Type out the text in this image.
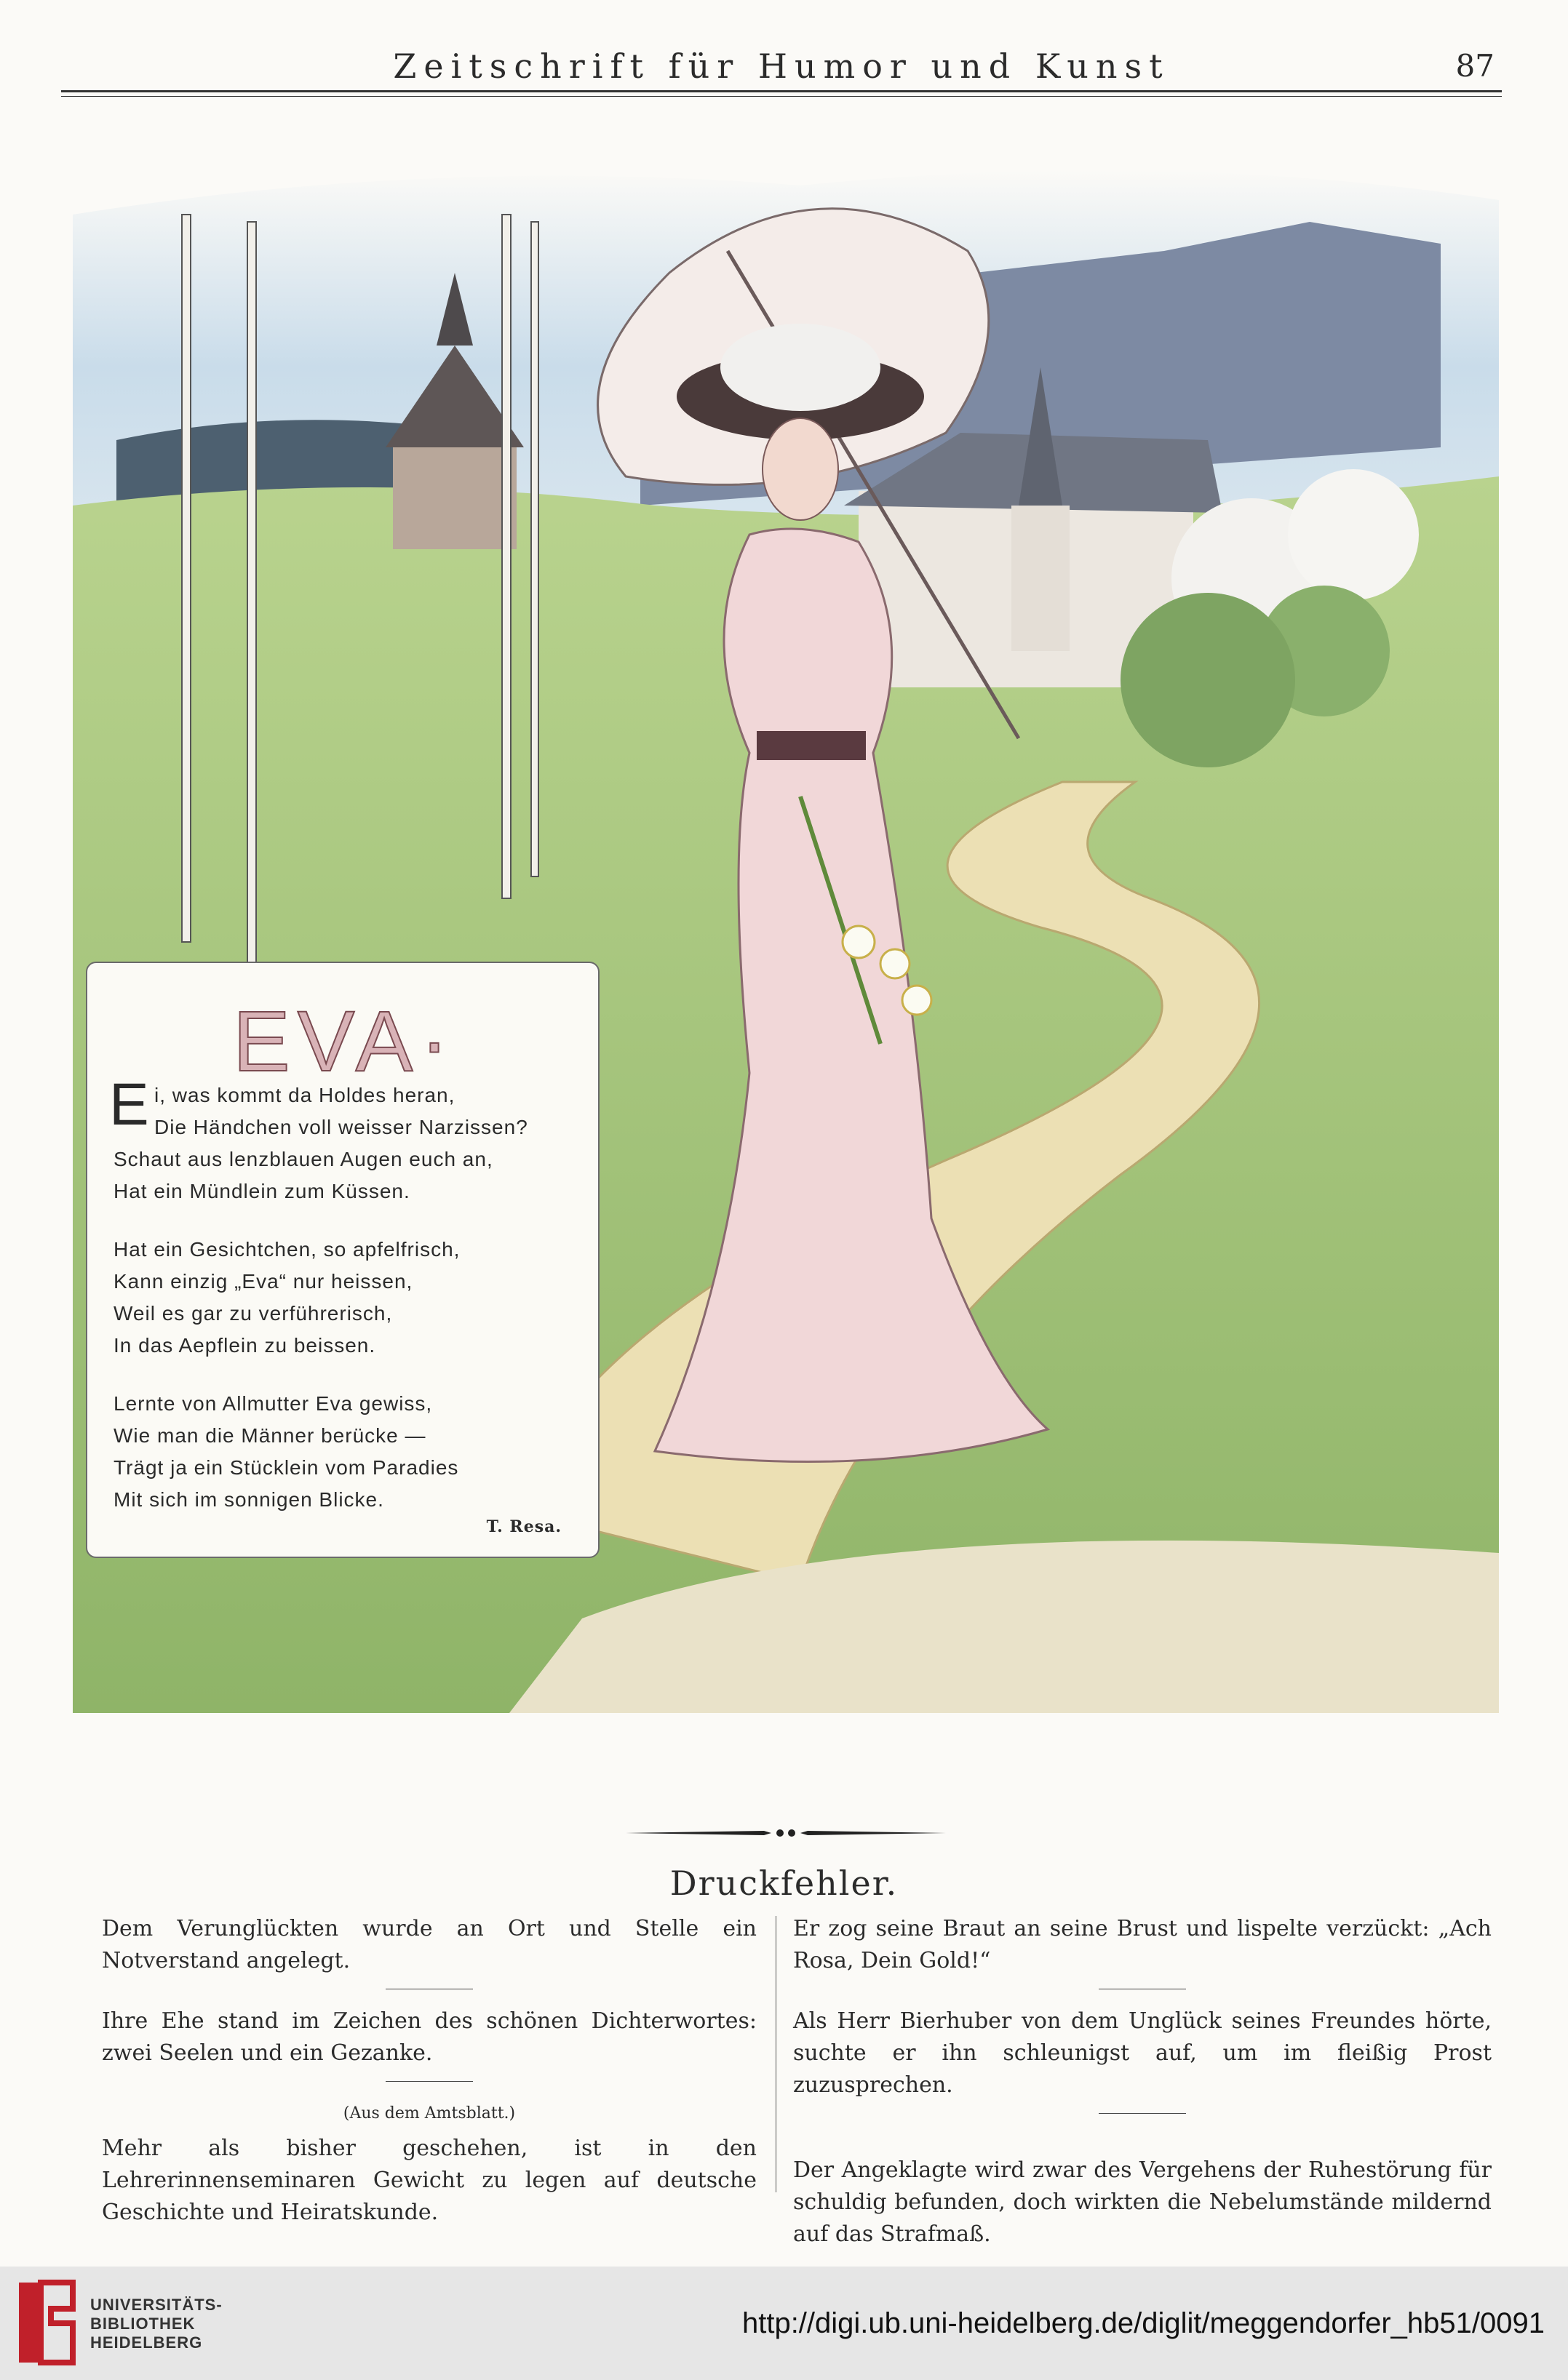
Zeitschrift für Humor und Kunst	87
EVA·
E i, was kommt da Holdes heran,
Die Händchen voll weisser Narzissen?
Schaut aus lenzblauen Augen euch an,
Hat ein Mündlein zum Küssen.
Hat ein Gesichtchen, so apfelfrisch,
Kann einzig „Eva“ nur heissen,
Weil es gar zu verführerisch,
In das Aepflein zu beissen.
Lernte von Allmutter Eva gewiss,
Wie man die Männer berücke —
Trägt ja ein Stücklein vom Paradies
Mit sich im sonnigen Blicke.
T. Resa.
Druckfehler.

Dem Verunglückten wurde an Ort und Stelle ein Notverstand angelegt.

Ihre Ehe stand im Zeichen des schönen Dichterwortes: zwei Seelen und ein Gezanke.

(Aus dem Amtsblatt.)

Mehr als bisher geschehen, ist in den Lehrerinnenseminaren Gewicht zu legen auf deutsche Geschichte und Heiratskunde.

Er zog seine Braut an seine Brust und lispelte verzückt: „Ach Rosa, Dein Gold!“

Als Herr Bierhuber von dem Unglück seines Freundes hörte, suchte er ihn schleunigst auf, um im fleißig Prost zuzusprechen.

Der Angeklagte wird zwar des Vergehens der Ruhestörung für schuldig befunden, doch wirkten die Nebelumstände mildernd auf das Strafmaß.

UNIVERSITÄTS-
BIBLIOTHEK
HEIDELBERG
http://digi.ub.uni-heidelberg.de/diglit/meggendorfer_hb51/0091
